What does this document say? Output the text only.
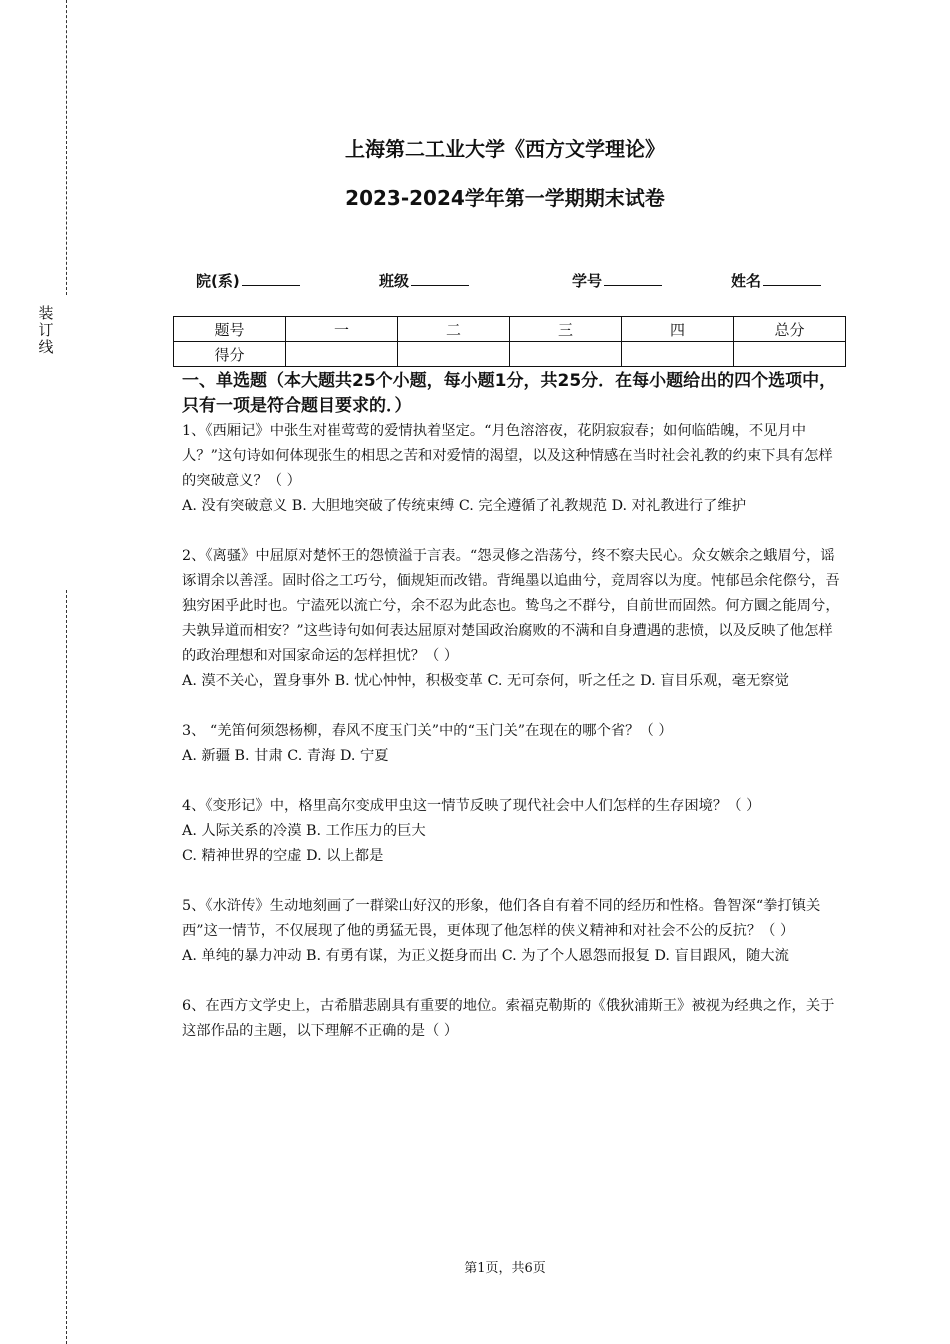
装
订
线
上海第二工业大学《西方文学理论》
2023-2024学年第一学期期末试卷
院(系)	班级	学号	姓名
题号	一	二	三	四	总分
得分					
一、单选题（本大题共25个小题，每小题1分，共25分．在每小题给出的四个选项中，只有一项是符合题目要求的．）

1、《西厢记》中张生对崔莺莺的爱情执着坚定。“月色溶溶夜，花阴寂寂春；如何临皓魄，不见月中人？”这句诗如何体现张生的相思之苦和对爱情的渴望，以及这种情感在当时社会礼教的约束下具有怎样的突破意义？（ ）

A. 没有突破意义 B. 大胆地突破了传统束缚 C. 完全遵循了礼教规范 D. 对礼教进行了维护

2、《离骚》中屈原对楚怀王的怨愤溢于言表。“怨灵修之浩荡兮，终不察夫民心。众女嫉余之蛾眉兮，谣诼谓余以善淫。固时俗之工巧兮，偭规矩而改错。背绳墨以追曲兮，竞周容以为度。忳郁邑余侘傺兮，吾独穷困乎此时也。宁溘死以流亡兮，余不忍为此态也。鸷鸟之不群兮，自前世而固然。何方圜之能周兮，夫孰异道而相安？”这些诗句如何表达屈原对楚国政治腐败的不满和自身遭遇的悲愤，以及反映了他怎样的政治理想和对国家命运的怎样担忧？（ ）

A. 漠不关心，置身事外 B. 忧心忡忡，积极变革 C. 无可奈何，听之任之 D. 盲目乐观，毫无察觉

3、 “羌笛何须怨杨柳，春风不度玉门关”中的“玉门关”在现在的哪个省？（ ）

A. 新疆 B. 甘肃 C. 青海 D. 宁夏

4、《变形记》中，格里高尔变成甲虫这一情节反映了现代社会中人们怎样的生存困境？（ ）

A. 人际关系的冷漠 B. 工作压力的巨大

C. 精神世界的空虚 D. 以上都是

5、《水浒传》生动地刻画了一群梁山好汉的形象，他们各自有着不同的经历和性格。鲁智深“拳打镇关西”这一情节，不仅展现了他的勇猛无畏，更体现了他怎样的侠义精神和对社会不公的反抗？（ ）

A. 单纯的暴力冲动 B. 有勇有谋，为正义挺身而出 C. 为了个人恩怨而报复 D. 盲目跟风，随大流

6、在西方文学史上，古希腊悲剧具有重要的地位。索福克勒斯的《俄狄浦斯王》被视为经典之作，关于这部作品的主题，以下理解不正确的是（ ）

第1页，共6页
